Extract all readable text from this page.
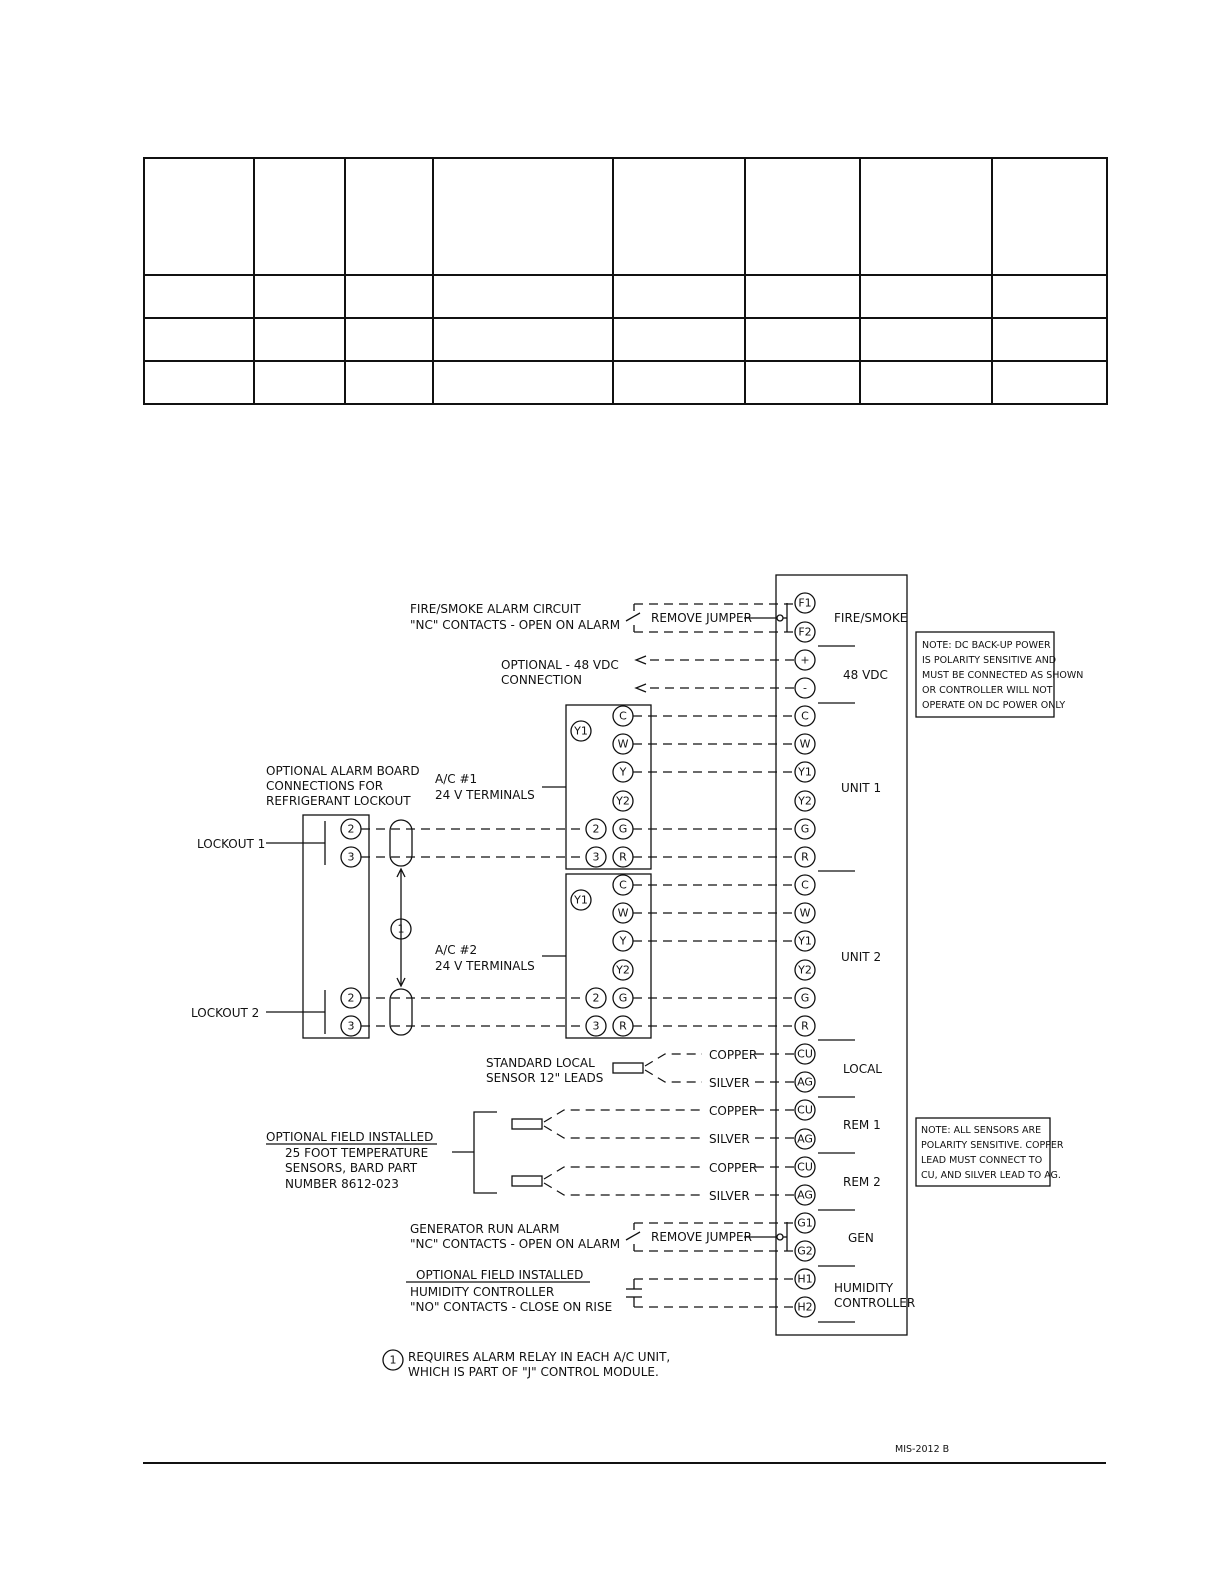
F1
F2
+
-
C
W
Y1
Y2
G
R
C
W
Y1
Y2
G
R
CU
AG
CU
AG
CU
AG
G1
G2
H1
H2
FIRE/SMOKE
48 VDC
UNIT 1
UNIT 2
LOCAL
REM 1
REM 2
GEN
HUMIDITY
CONTROLLER
FIRE/SMOKE ALARM CIRCUIT
"NC" CONTACTS - OPEN ON ALARM	REMOVE JUMPER
OPTIONAL - 48 VDC
CONNECTION
NOTE: DC BACK-UP POWER
IS POLARITY SENSITIVE AND
MUST BE CONNECTED AS SHOWN
OR CONTROLLER WILL NOT
OPERATE ON DC POWER ONLY
Y1
C
W
Y
Y2
2 G
3 R
A/C #1
24 V TERMINALS
Y1
C
W
Y
Y2
2 G
3 R
A/C #2
24 V TERMINALS
OPTIONAL ALARM BOARD
CONNECTIONS FOR
REFRIGERANT LOCKOUT
LOCKOUT 1
LOCKOUT 2
2
3
2
3
1
STANDARD LOCAL
SENSOR 12" LEADS
COPPER
SILVER
OPTIONAL FIELD INSTALLED
25 FOOT TEMPERATURE
SENSORS, BARD PART
NUMBER 8612-023
COPPER
SILVER
COPPER
SILVER
NOTE: ALL SENSORS ARE
POLARITY SENSITIVE. COPPER
LEAD MUST CONNECT TO
CU, AND SILVER LEAD TO AG.
GENERATOR RUN ALARM
"NC" CONTACTS - OPEN ON ALARM	REMOVE JUMPER
OPTIONAL FIELD INSTALLED
HUMIDITY CONTROLLER
"NO" CONTACTS - CLOSE ON RISE
1 REQUIRES ALARM RELAY IN EACH A/C UNIT,
WHICH IS PART OF "J" CONTROL MODULE.
MIS-2012 B
